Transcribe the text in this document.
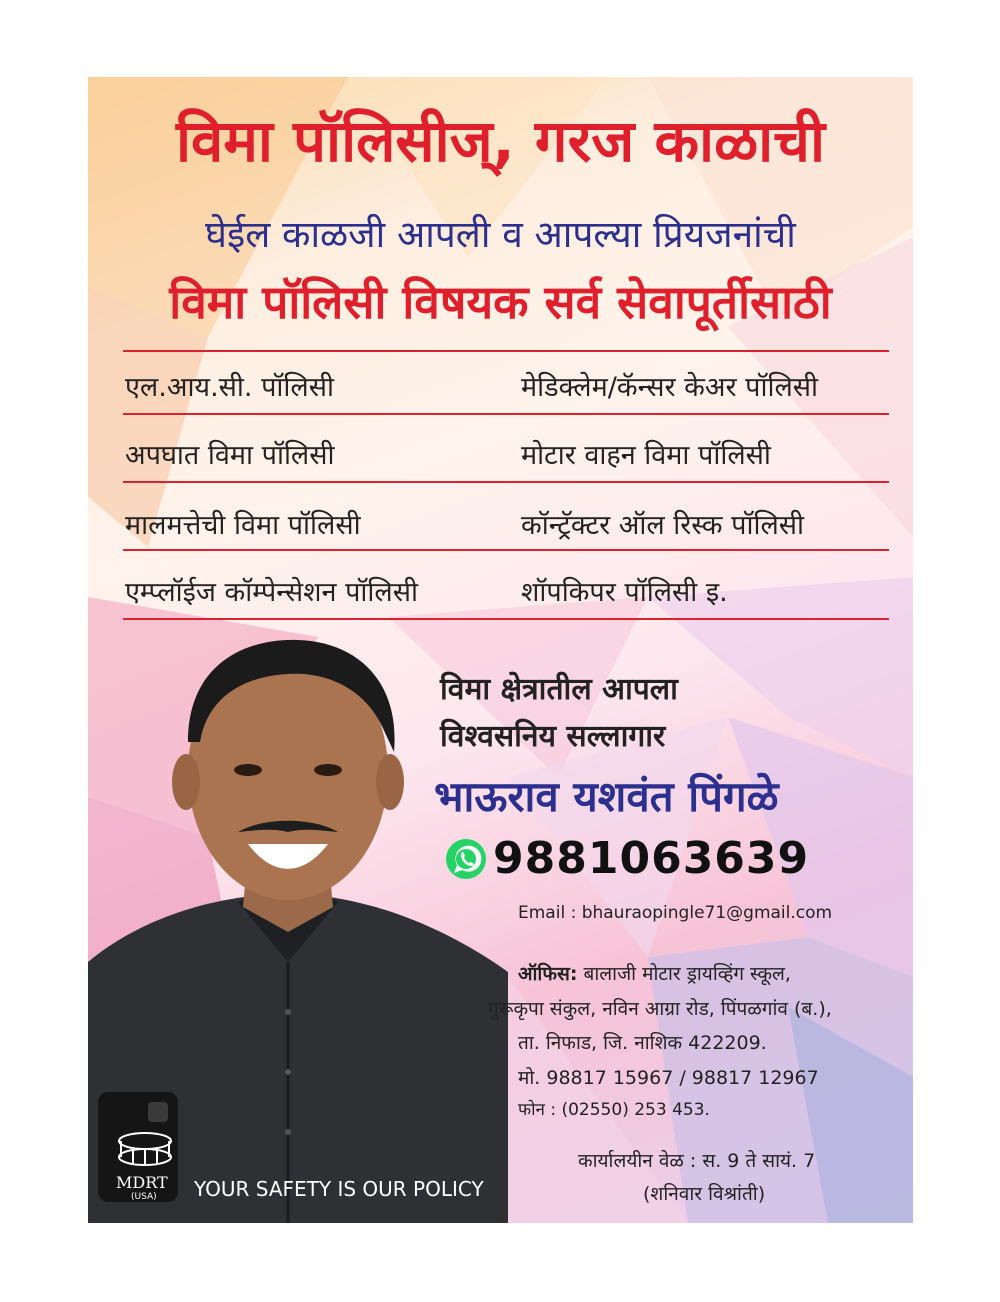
विमा पॉलिसीज्, गरज काळाची
घेईल काळजी आपली व आपल्या प्रियजनांची
विमा पॉलिसी विषयक सर्व सेवापूर्तीसाठी
एल.आय.सी. पॉलिसी	मेडिक्लेम/कॅन्सर केअर पॉलिसी
अपघात विमा पॉलिसी	मोटार वाहन विमा पॉलिसी
मालमत्तेची विमा पॉलिसी	कॉन्ट्रॅक्टर ऑल रिस्क पॉलिसी
एम्प्लॉईज कॉम्पेन्सेशन पॉलिसी	शॉपकिपर पॉलिसी इ.
विमा क्षेत्रातील आपला
विश्वसनिय सल्लागार
भाऊराव यशवंत पिंगळे
9881063639
Email : bhauraopingle71@gmail.com
ऑफिस: बालाजी मोटार ड्रायव्हिंग स्कूल,
गुरूकृपा संकुल, नविन आग्रा रोड, पिंपळगांव (ब.),
ता. निफाड, जि. नाशिक 422209.
मो. 98817 15967 / 98817 12967
फोन : (02550) 253 453.
कार्यालयीन वेळ : स. 9 ते सायं. 7
(शनिवार विश्रांती)
MDRT
(USA) YOUR SAFETY IS OUR POLICY
